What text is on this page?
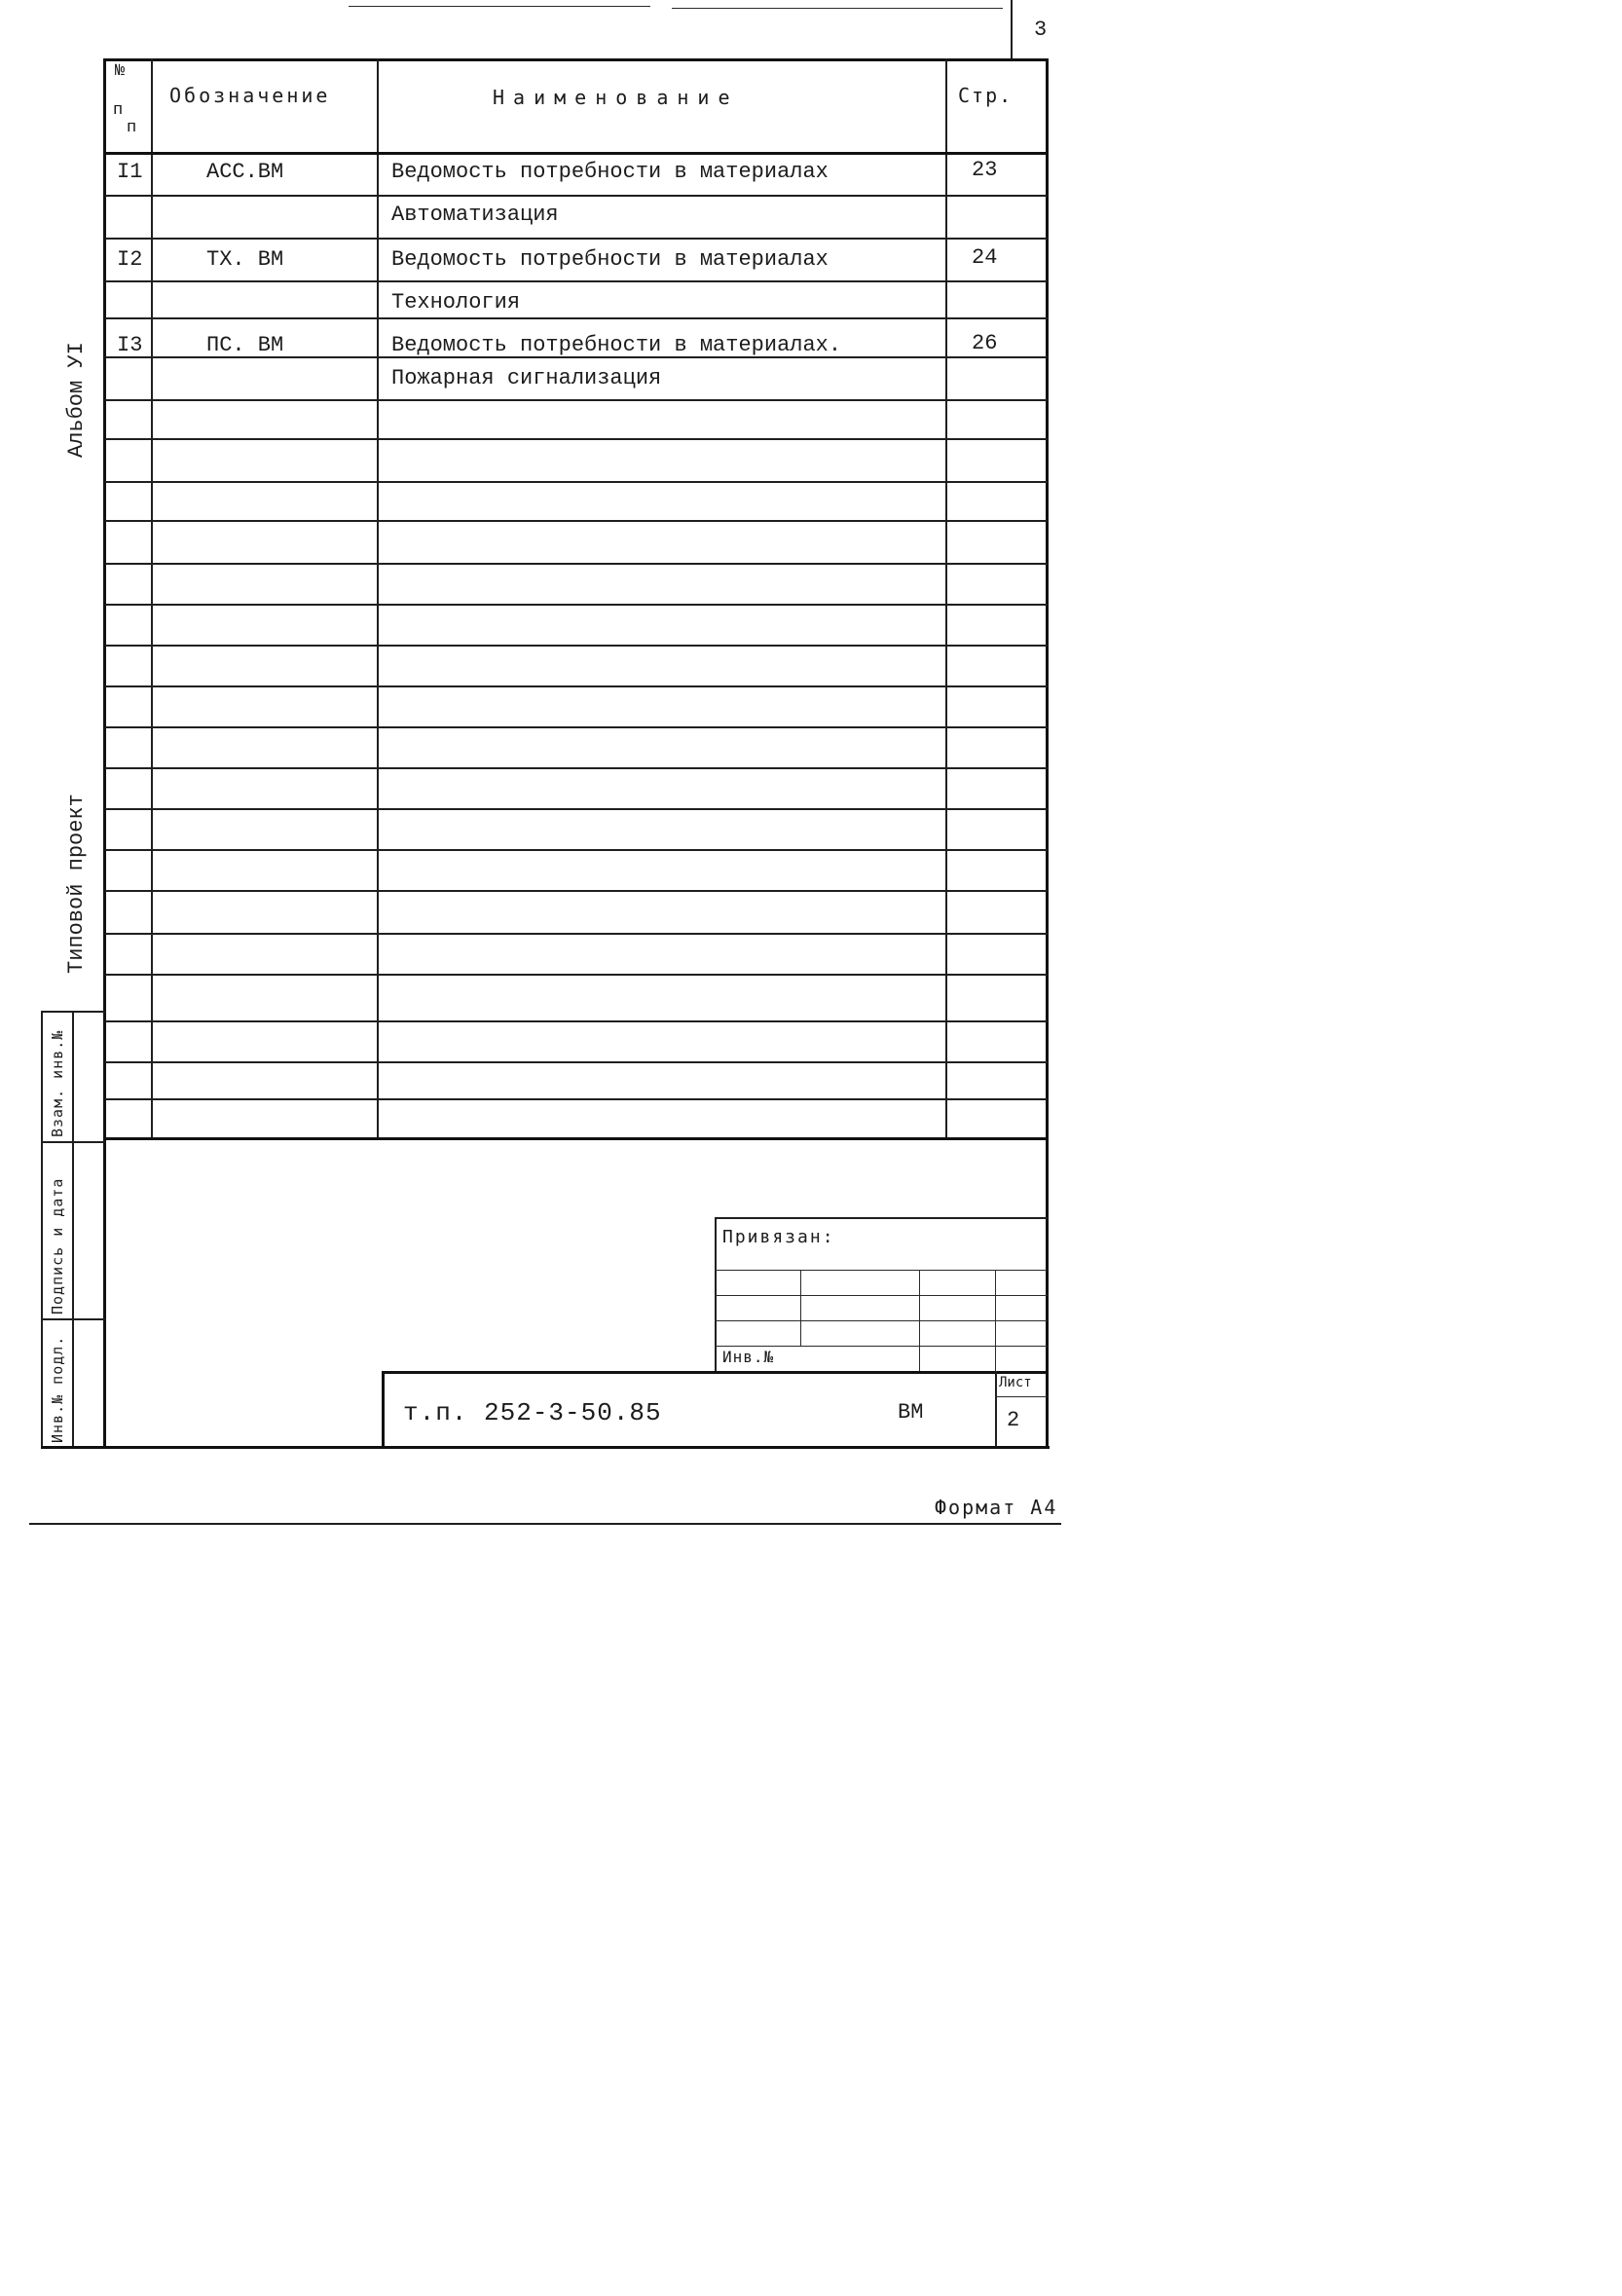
3
№
п
п
Обозначение	Наименование	Стр.
I1	АСС.ВМ	Ведомость потребности в материалах	23
Автоматизация
I2	ТХ. ВМ	Ведомость потребности в материалах	24
Технология
I3	ПС. ВМ	Ведомость потребности в материалах.	26
Пожарная сигнализация
Альбом УI
Типовой проект
Взам. инв.№
Подпись и дата
Инв.№ подл.
Привязан:
Инв.№
т.п. 252-3-50.85	ВМ
Лист
2
Формат А4
